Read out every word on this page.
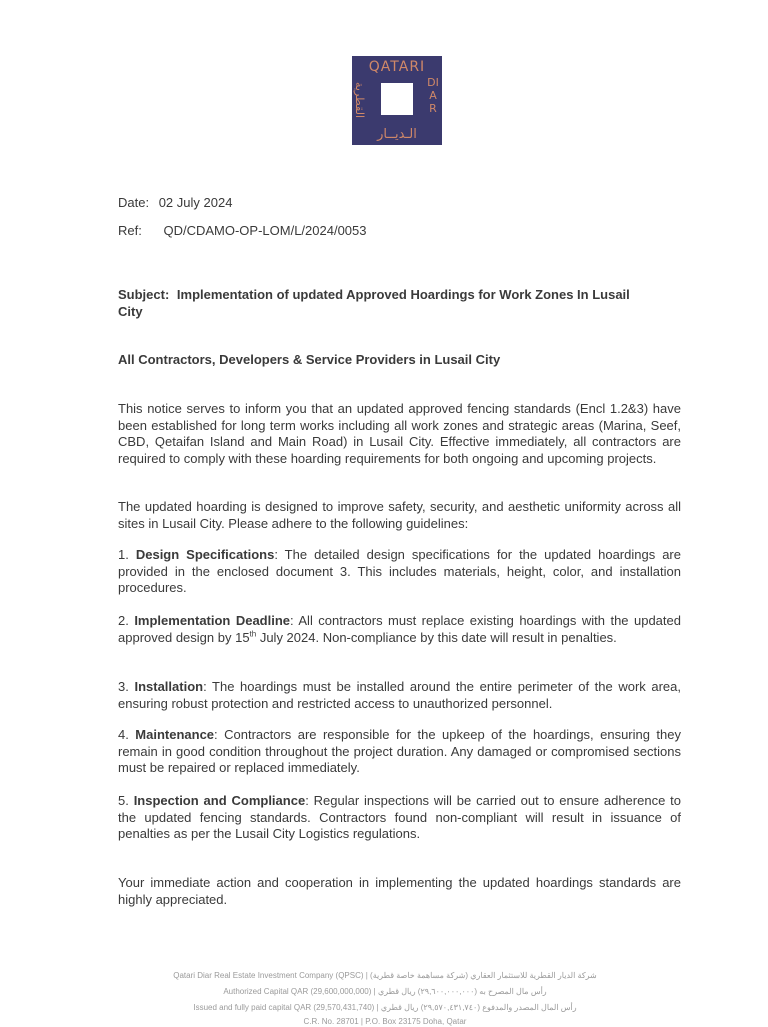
QATARI
DIAR
القطرية
الـديــار
Date: 02 July 2024
Ref: QD/CDAMO-OP-LOM/L/2024/0053
Subject: Implementation of updated Approved Hoardings for Work Zones In Lusail City
All Contractors, Developers & Service Providers in Lusail City

This notice serves to inform you that an updated approved fencing standards (Encl 1.2&3) have been established for long term works including all work zones and strategic areas (Marina, Seef, CBD, Qetaifan Island and Main Road) in Lusail City. Effective immediately, all contractors are required to comply with these hoarding requirements for both ongoing and upcoming projects.

The updated hoarding is designed to improve safety, security, and aesthetic uniformity across all sites in Lusail City. Please adhere to the following guidelines:

1. Design Specifications: The detailed design specifications for the updated hoardings are provided in the enclosed document 3. This includes materials, height, color, and installation procedures.

2. Implementation Deadline: All contractors must replace existing hoardings with the updated approved design by 15th July 2024. Non-compliance by this date will result in penalties.

3. Installation: The hoardings must be installed around the entire perimeter of the work area, ensuring robust protection and restricted access to unauthorized personnel.

4. Maintenance: Contractors are responsible for the upkeep of the hoardings, ensuring they remain in good condition throughout the project duration. Any damaged or compromised sections must be repaired or replaced immediately.

5. Inspection and Compliance: Regular inspections will be carried out to ensure adherence to the updated fencing standards. Contractors found non-compliant will result in issuance of penalties as per the Lusail City Logistics regulations.

Your immediate action and cooperation in implementing the updated hoardings standards are highly appreciated.

Qatari Diar Real Estate Investment Company (QPSC) | شركة الديار القطرية للاستثمار العقاري (شركة مساهمة خاصة قطرية)
Authorized Capital QAR (29,600,000,000) | رأس مال المصرح به (٢٩,٦٠٠,٠٠٠,٠٠٠) ريال قطري
Issued and fully paid capital QAR (29,570,431,740) | رأس المال المصدر والمدفوع (٢٩,٥٧٠,٤٣١,٧٤٠) ريال قطري
C.R. No. 28701 | P.O. Box 23175 Doha, Qatar
